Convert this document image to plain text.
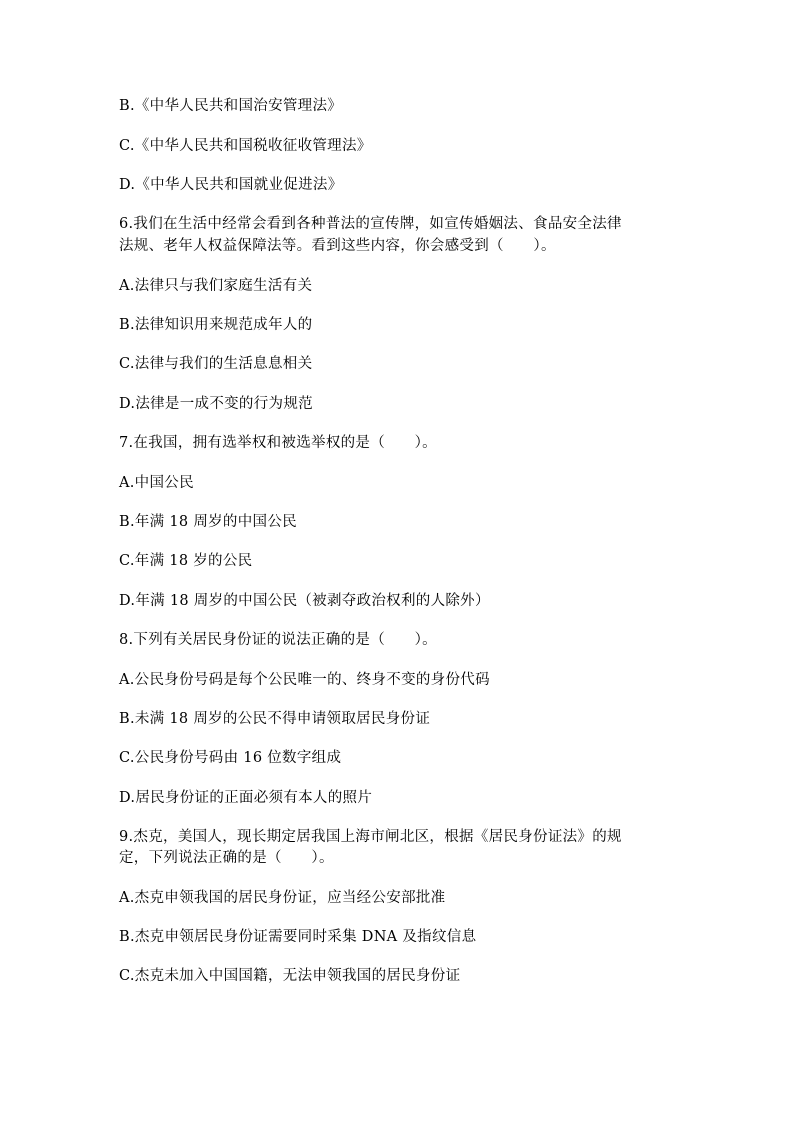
B.《中华人民共和国治安管理法》
C.《中华人民共和国税收征收管理法》
D.《中华人民共和国就业促进法》
6.我们在生活中经常会看到各种普法的宣传牌，如宣传婚姻法、食品安全法律
法规、老年人权益保障法等。看到这些内容，你会感受到（　　）。
A.法律只与我们家庭生活有关
B.法律知识用来规范成年人的
C.法律与我们的生活息息相关
D.法律是一成不变的行为规范
7.在我国，拥有选举权和被选举权的是（　　）。
A.中国公民
B.年满 18 周岁的中国公民
C.年满 18 岁的公民
D.年满 18 周岁的中国公民（被剥夺政治权利的人除外）
8.下列有关居民身份证的说法正确的是（　　）。
A.公民身份号码是每个公民唯一的、终身不变的身份代码
B.未满 18 周岁的公民不得申请领取居民身份证
C.公民身份号码由 16 位数字组成
D.居民身份证的正面必须有本人的照片
9.杰克，美国人，现长期定居我国上海市闸北区，根据《居民身份证法》的规
定，下列说法正确的是（　　）。
A.杰克申领我国的居民身份证，应当经公安部批准
B.杰克申领居民身份证需要同时采集 DNA 及指纹信息
C.杰克未加入中国国籍，无法申领我国的居民身份证
